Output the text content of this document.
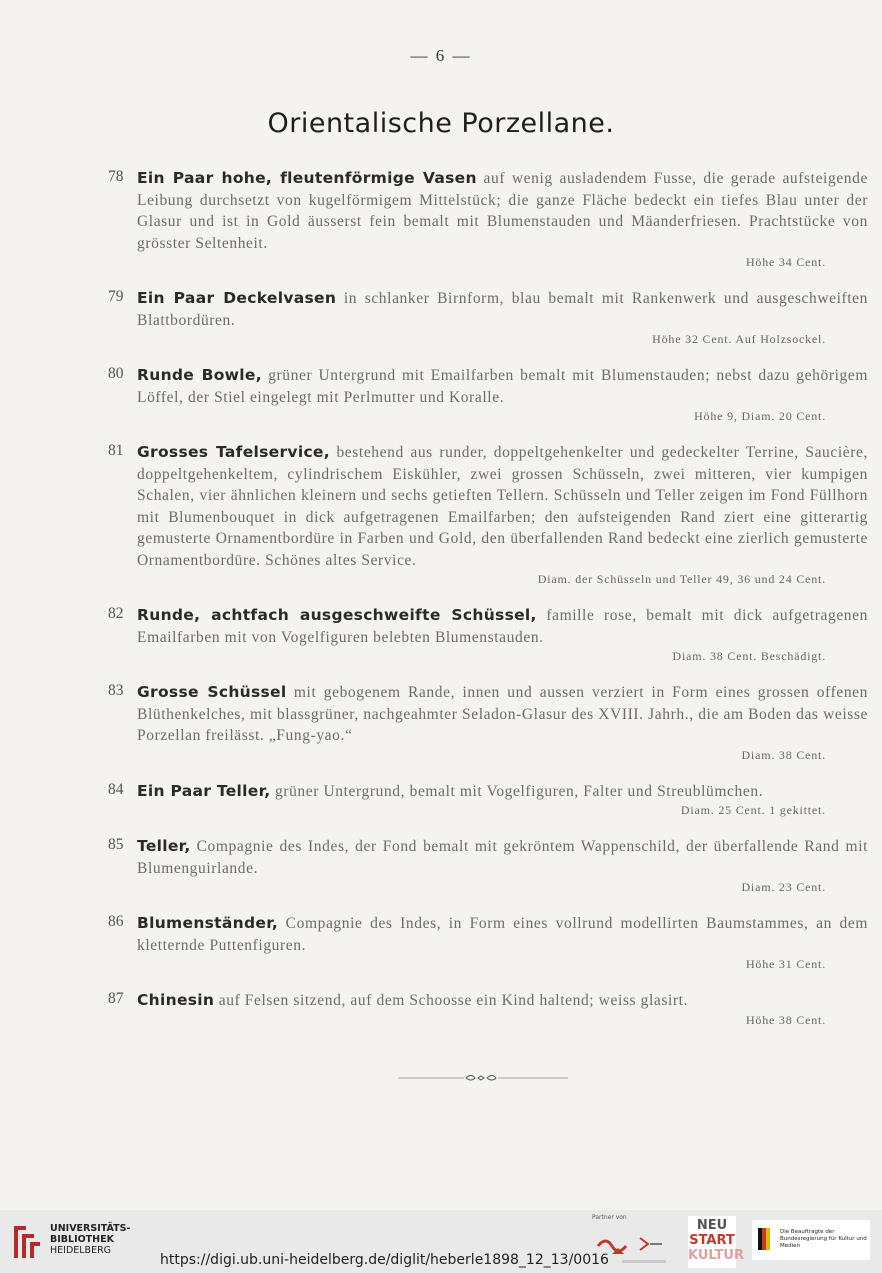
— 6 —
Orientalische Porzellane.
78 Ein Paar hohe, fleutenförmige Vasen auf wenig ausladendem Fusse, die gerade aufsteigende Leibung durchsetzt von kugelförmigem Mittelstück; die ganze Fläche bedeckt ein tiefes Blau unter der Glasur und ist in Gold äusserst fein bemalt mit Blumenstauden und Mäanderfriesen. Prachtstücke von grösster Seltenheit.
Höhe 34 Cent.
79 Ein Paar Deckelvasen in schlanker Birnform, blau bemalt mit Rankenwerk und ausgeschweiften Blattbordüren.
Höhe 32 Cent. Auf Holzsockel.
80 Runde Bowle, grüner Untergrund mit Emailfarben bemalt mit Blumenstauden; nebst dazu gehörigem Löffel, der Stiel eingelegt mit Perlmutter und Koralle.
Höhe 9, Diam. 20 Cent.
81 Grosses Tafelservice, bestehend aus runder, doppeltgehenkelter und gedeckelter Terrine, Saucière, doppeltgehenkeltem, cylindrischem Eiskühler, zwei grossen Schüsseln, zwei mitteren, vier kumpigen Schalen, vier ähnlichen kleinern und sechs getieften Tellern. Schüsseln und Teller zeigen im Fond Füllhorn mit Blumenbouquet in dick aufgetragenen Emailfarben; den aufsteigenden Rand ziert eine gitterartig gemusterte Ornamentbordüre in Farben und Gold, den überfallenden Rand bedeckt eine zierlich gemusterte Ornamentbordüre. Schönes altes Service.
Diam. der Schüsseln und Teller 49, 36 und 24 Cent.
82 Runde, achtfach ausgeschweifte Schüssel, famille rose, bemalt mit dick aufgetragenen Emailfarben mit von Vogelfiguren belebten Blumenstauden.
Diam. 38 Cent. Beschädigt.
83 Grosse Schüssel mit gebogenem Rande, innen und aussen verziert in Form eines grossen offenen Blüthenkelches, mit blassgrüner, nachgeahmter Seladon-Glasur des XVIII. Jahrh., die am Boden das weisse Porzellan freilässt. „Fung-yao.“
Diam. 38 Cent.
84 Ein Paar Teller, grüner Untergrund, bemalt mit Vogelfiguren, Falter und Streublümchen.
Diam. 25 Cent. 1 gekittet.
85 Teller, Compagnie des Indes, der Fond bemalt mit gekröntem Wappenschild, der überfallende Rand mit Blumenguirlande.
Diam. 23 Cent.
86 Blumenständer, Compagnie des Indes, in Form eines vollrund modellirten Baumstammes, an dem kletternde Puttenfiguren.
Höhe 31 Cent.
87 Chinesin auf Felsen sitzend, auf dem Schoosse ein Kind haltend; weiss glasirt.
Höhe 38 Cent.
UNIVERSITÄTS-
BIBLIOTHEK
HEIDELBERG
https://digi.ub.uni-heidelberg.de/diglit/heberle1898_12_13/0016
Partner von
NEU
START
KULTUR
Die Beauftragte der Bundesregierung für Kultur und Medien
